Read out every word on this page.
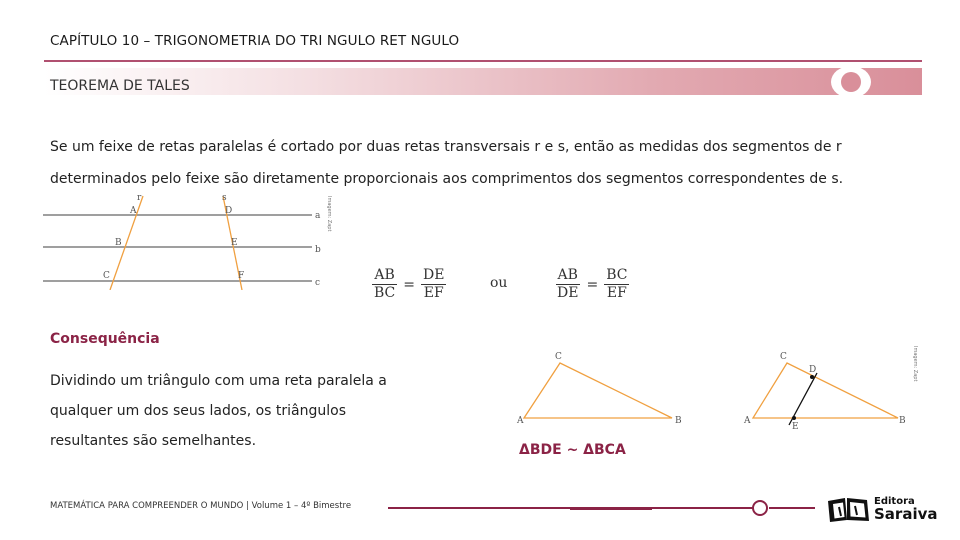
CAPÍTULO 10 – TRIGONOMETRIA DO TRI NGULO RET NGULO
TEOREMA DE TALES
Se um feixe de retas paralelas é cortado por duas retas transversais r e s, então as medidas dos segmentos de r determinados pelo feixe são diretamente proporcionais aos comprimentos dos segmentos correspondentes de s.
r	s
A	D
B	E
C	F
a
b
c
Imagem: Zapt
$\frac{AB}{BC} = \frac{DE}{EF}$	ou	$\frac{AB}{DE} = \frac{BC}{EF}$
Consequência
Dividindo um triângulo com uma reta paralela a qualquer um dos seus lados, os triângulos resultantes são semelhantes.
C
A	B
C
D
A
E
B
Imagem: Zapt
ΔBDE ~ ΔBCA
MATEMÁTICA PARA COMPREENDER O MUNDO | Volume 1 – 4º Bimestre	Editora
Saraiva
